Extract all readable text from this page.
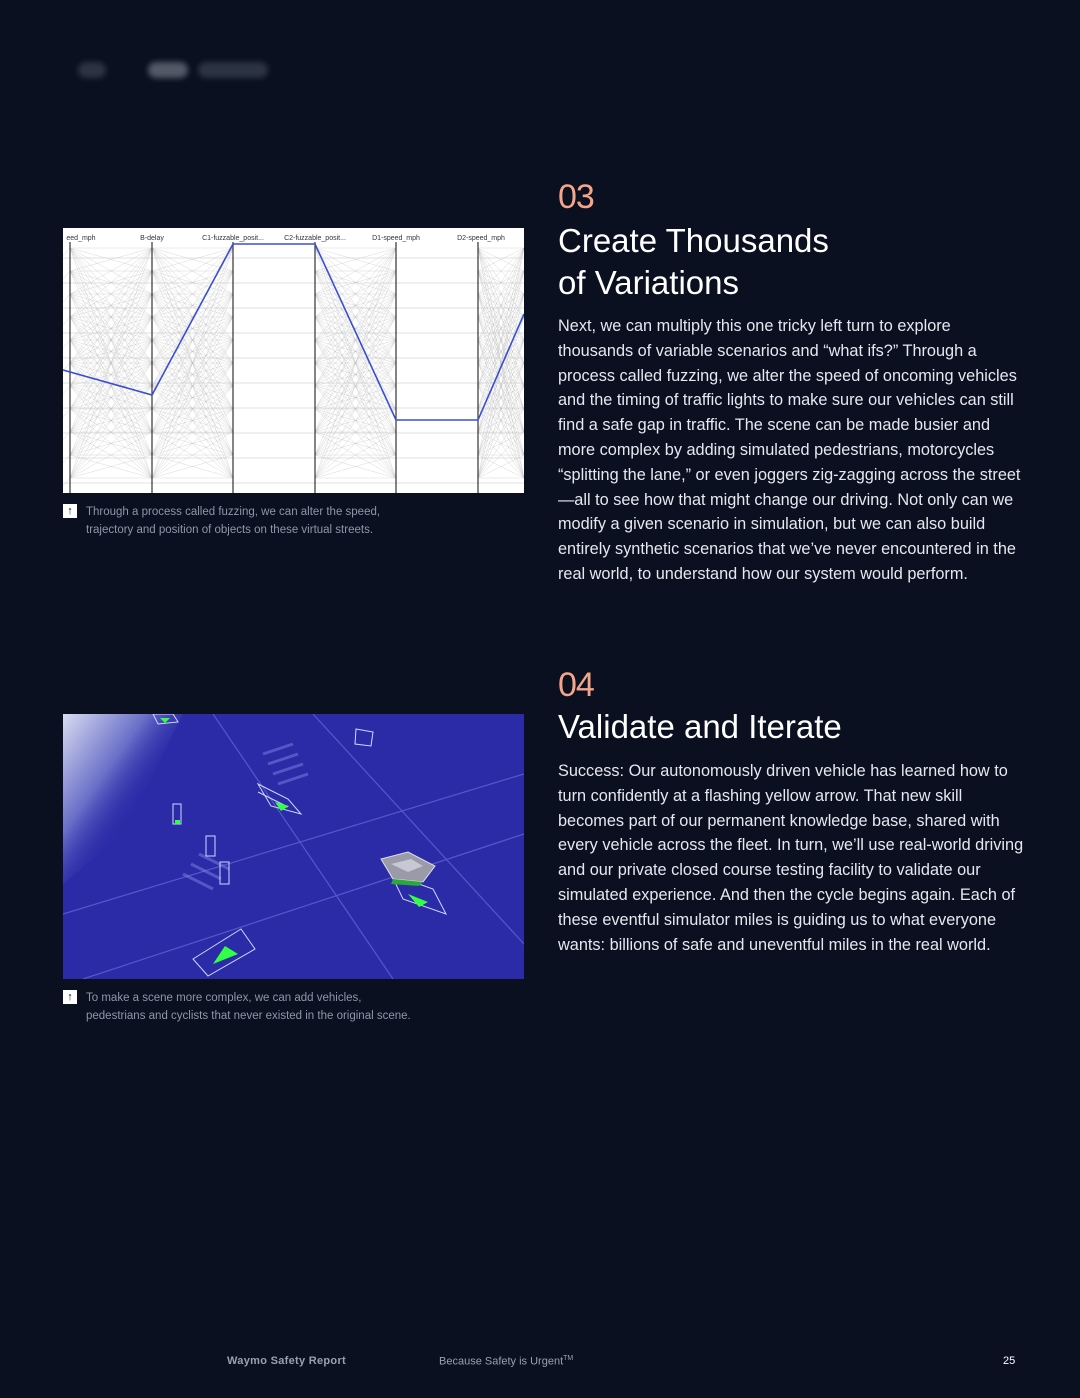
03
Create Thousands
of Variations

Next, we can multiply this one tricky left turn to explore thousands of variable scenarios and “what ifs?” Through a process called fuzzing, we alter the speed of oncoming vehicles and the timing of traffic lights to make sure our vehicles can still find a safe gap in traffic. The scene can be made busier and more complex by adding simulated pedestrians, motorcycles “splitting the lane,” or even joggers zig-zagging across the street—all to see how that might change our driving. Not only can we modify a given scenario in simulation, but we can also build entirely synthetic scenarios that we’ve never encountered in the real world, to understand how our system would perform.

eed_mph	B-delay	C1-fuzzable_posit...	C2-fuzzable_posit...	D1-speed_mph	D2-speed_mph
↑	Through a process called fuzzing, we can alter the speed, trajectory and position of objects on these virtual streets.
04
Validate and Iterate

Success: Our autonomously driven vehicle has learned how to turn confidently at a flashing yellow arrow. That new skill becomes part of our permanent knowledge base, shared with every vehicle across the fleet. In turn, we’ll use real-world driving and our private closed course testing facility to validate our simulated experience. And then the cycle begins again. Each of these eventful simulator miles is guiding us to what everyone wants: billions of safe and uneventful miles in the real world.

↑	To make a scene more complex, we can add vehicles, pedestrians and cyclists that never existed in the original scene.
Waymo Safety Report	Because Safety is Urgent™	25
